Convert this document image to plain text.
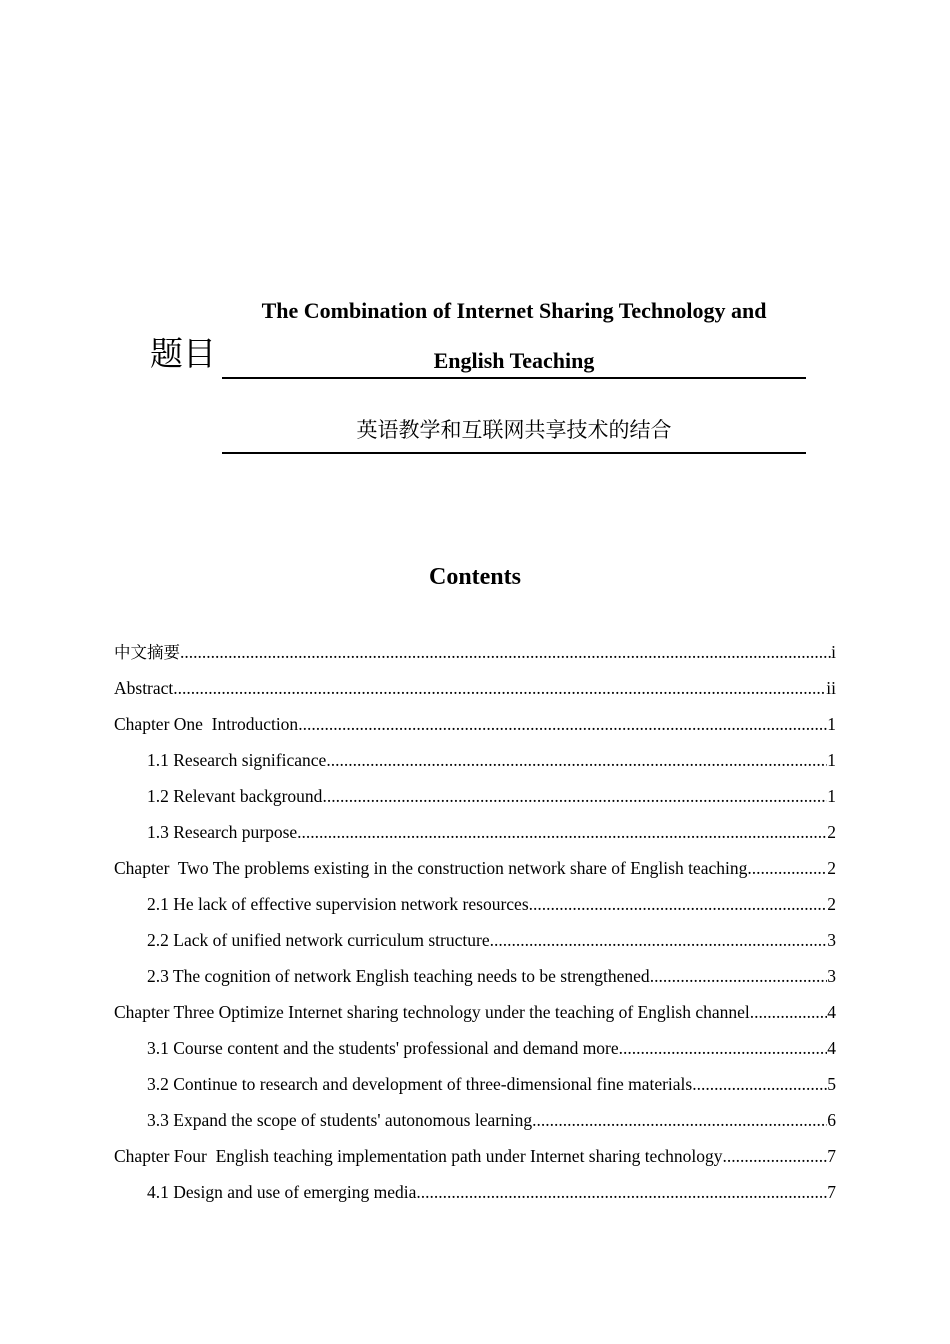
题目
The Combination of Internet Sharing Technology and
English Teaching
英语教学和互联网共享技术的结合
Contents
中文摘要 .....	i
Abstract .....	ii
Chapter One  Introduction .....	1
1.1 Research significance .....	1
1.2 Relevant background .....	1
1.3 Research purpose .....	2
Chapter  Two The problems existing in the construction network share of English teaching .....	2
2.1 He lack of effective supervision network resources .....	2
2.2 Lack of unified network curriculum structure .....	3
2.3 The cognition of network English teaching needs to be strengthened .....	3
Chapter Three Optimize Internet sharing technology under the teaching of English channel .....	4
3.1 Course content and the students' professional and demand more .....	4
3.2 Continue to research and development of three-dimensional fine materials .....	5
3.3 Expand the scope of students' autonomous learning .....	6
Chapter Four  English teaching implementation path under Internet sharing technology .....	7
4.1 Design and use of emerging media .....	7
